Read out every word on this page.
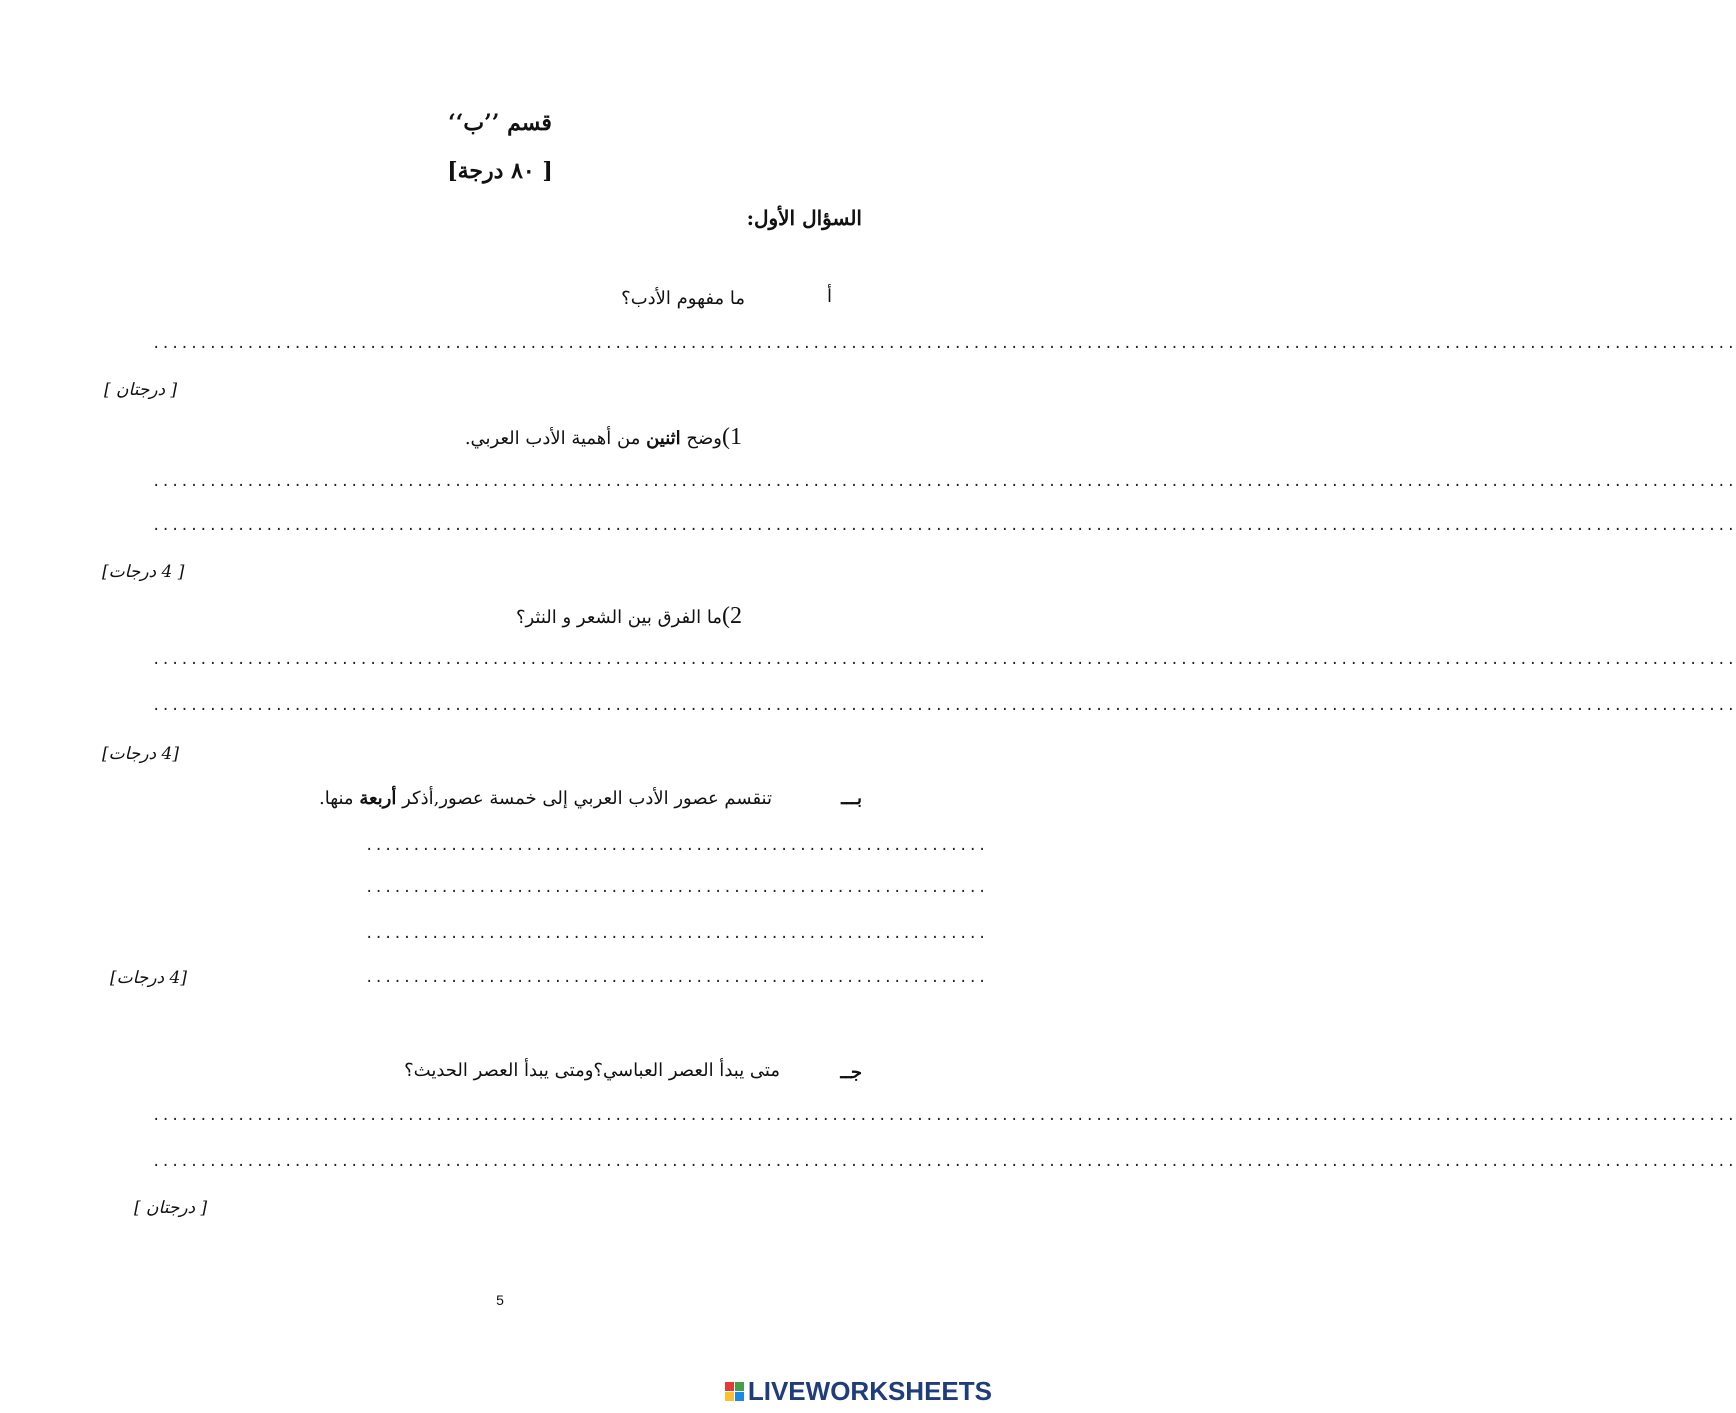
قسم ’’ب‘‘
[ ٨٠ درجة]
السؤال الأول:
أ
ما مفهوم الأدب؟
........................................................................................................................................................................
[ درجتان ]
1)وضح اثنين من أهمية الأدب العربي.
........................................................................................................................................................................
........................................................................................................................................................................
[ 4 درجات]
2)ما الفرق بين الشعر و النثر؟
........................................................................................................................................................................
........................................................................................................................................................................
[4 درجات]
بـــ
تنقسم عصور الأدب العربي إلى خمسة عصور,أذكر أربعة منها.
..................................................................
..................................................................
..................................................................
..................................................................
[4 درجات]
جــ
متى يبدأ العصر العباسي؟ومتى يبدأ العصر الحديث؟
........................................................................................................................................................................
........................................................................................................................................................................
[ درجتان ]
5
LIVEWORKSHEETS
